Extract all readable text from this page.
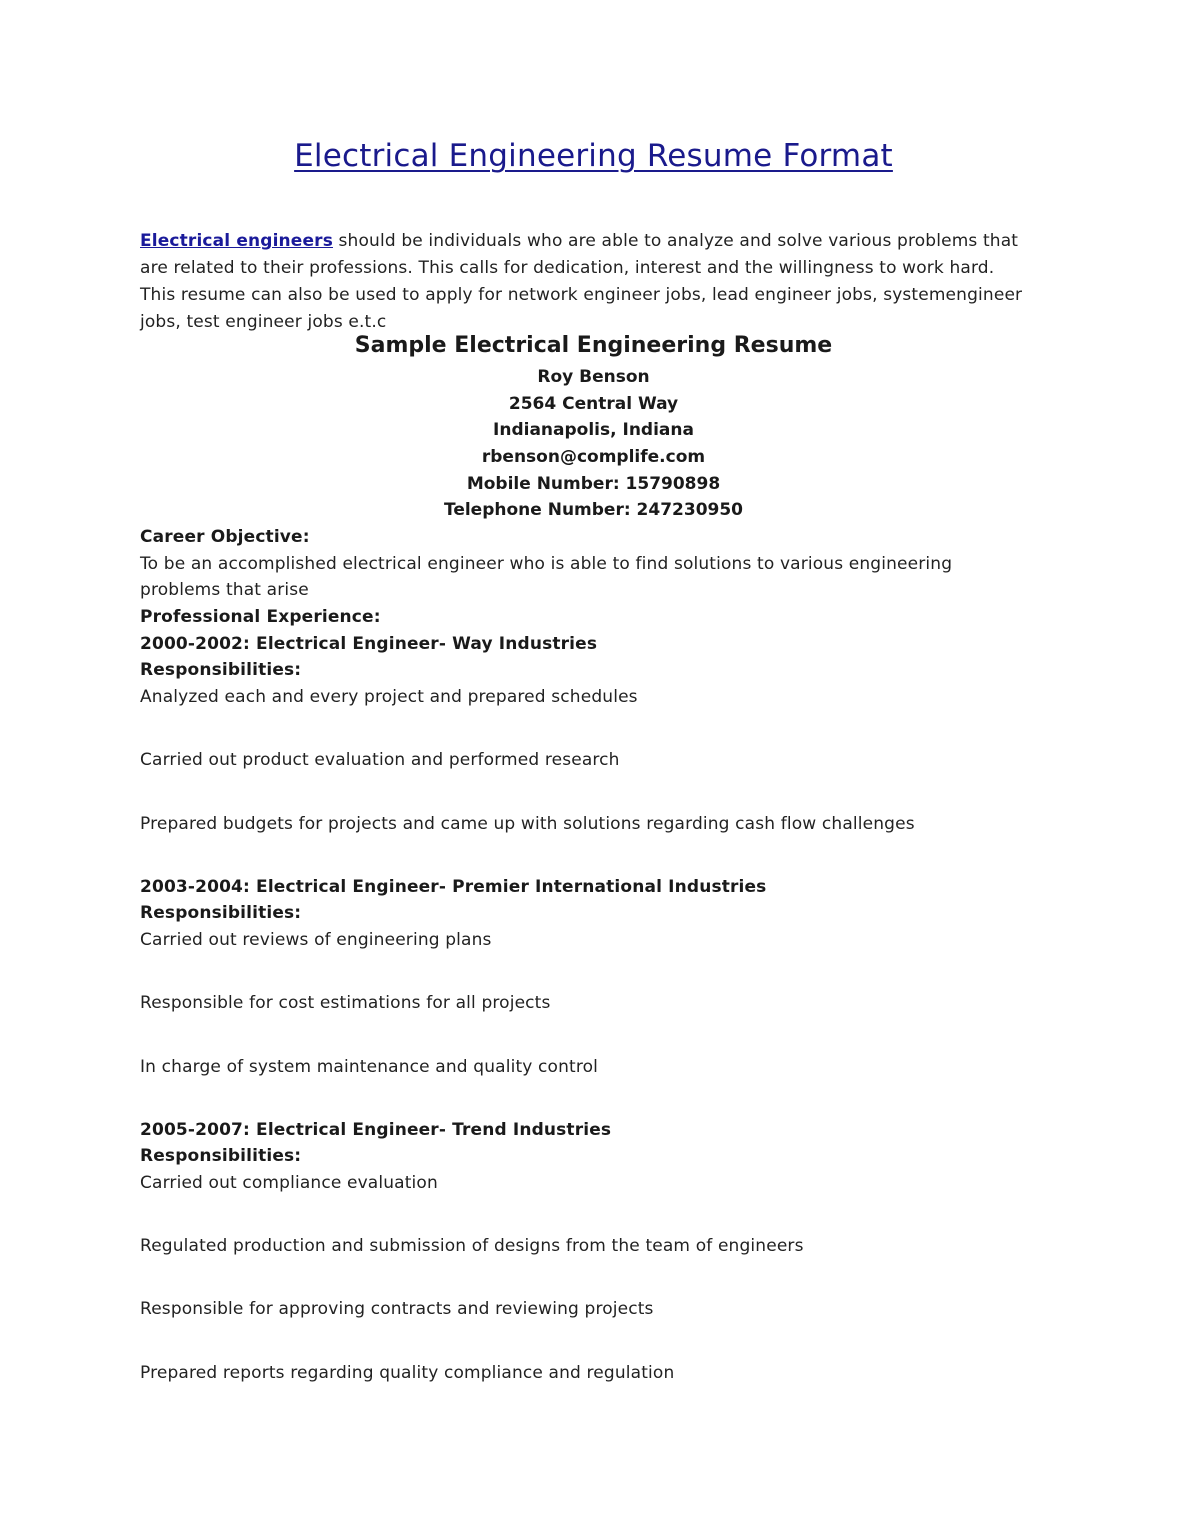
Electrical Engineering Resume Format
Electrical engineers should be individuals who are able to analyze and solve various problems that
are related to their professions. This calls for dedication, interest and the willingness to work hard.
This resume can also be used to apply for network engineer jobs, lead engineer jobs, systemengineer
jobs, test engineer jobs e.t.c
Sample Electrical Engineering Resume
Roy Benson
2564 Central Way
Indianapolis, Indiana
rbenson@complife.com
Mobile Number: 15790898
Telephone Number: 247230950
Career Objective:
To be an accomplished electrical engineer who is able to find solutions to various engineering
problems that arise
Professional Experience:
2000-2002: Electrical Engineer- Way Industries
Responsibilities:
Analyzed each and every project and prepared schedules
Carried out product evaluation and performed research
Prepared budgets for projects and came up with solutions regarding cash flow challenges
2003-2004: Electrical Engineer- Premier International Industries
Responsibilities:
Carried out reviews of engineering plans
Responsible for cost estimations for all projects
In charge of system maintenance and quality control
2005-2007: Electrical Engineer- Trend Industries
Responsibilities:
Carried out compliance evaluation
Regulated production and submission of designs from the team of engineers
Responsible for approving contracts and reviewing projects
Prepared reports regarding quality compliance and regulation
